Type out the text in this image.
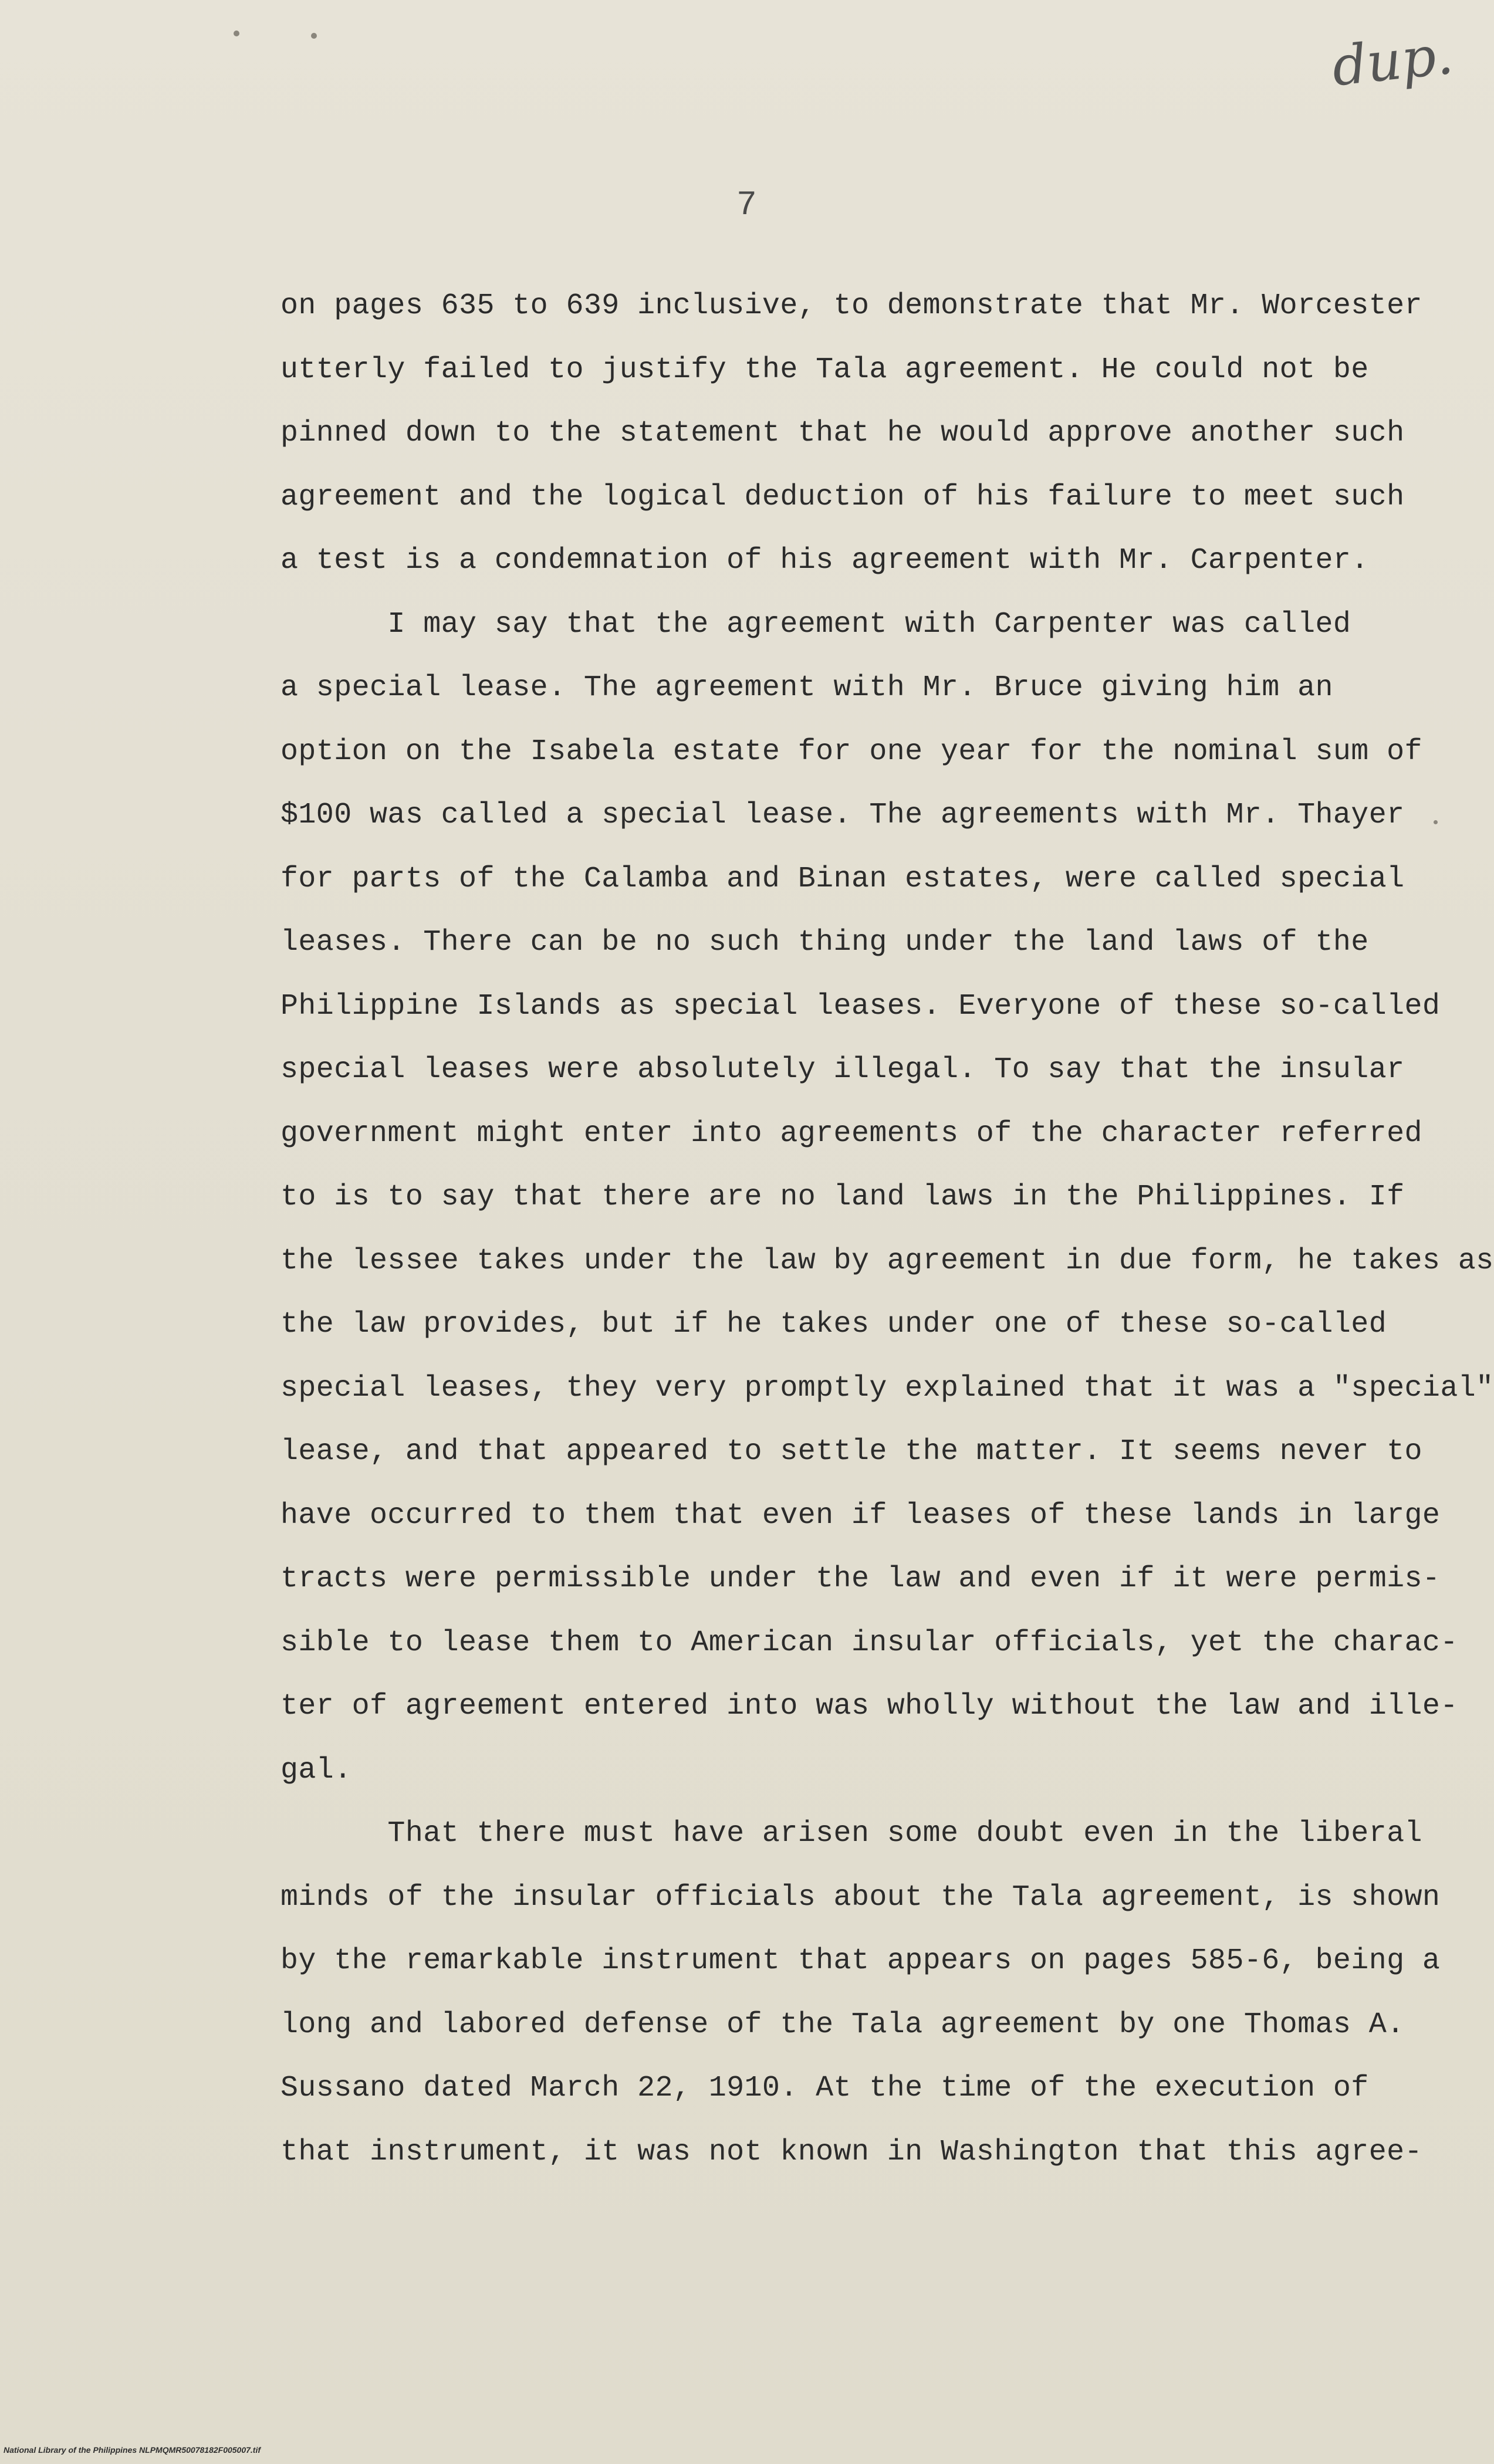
dup.
7
on pages 635 to 639 inclusive, to demonstrate that Mr. Worcester
utterly failed to justify the Tala agreement. He could not be
pinned down to the statement that he would approve another such
agreement and the logical deduction of his failure to meet such
a test is a condemnation of his agreement with Mr. Carpenter.
I may say that the agreement with Carpenter was called
a special lease. The agreement with Mr. Bruce giving him an
option on the Isabela estate for one year for the nominal sum of
$100 was called a special lease. The agreements with Mr. Thayer
for parts of the Calamba and Binan estates, were called special
leases. There can be no such thing under the land laws of the
Philippine Islands as special leases. Everyone of these so-called
special leases were absolutely illegal. To say that the insular
government might enter into agreements of the character referred
to is to say that there are no land laws in the Philippines. If
the lessee takes under the law by agreement in due form, he takes as
the law provides, but if he takes under one of these so-called
special leases, they very promptly explained that it was a "special"
lease, and that appeared to settle the matter. It seems never to
have occurred to them that even if leases of these lands in large
tracts were permissible under the law and even if it were permis-
sible to lease them to American insular officials, yet the charac-
ter of agreement entered into was wholly without the law and ille-
gal.
That there must have arisen some doubt even in the liberal
minds of the insular officials about the Tala agreement, is shown
by the remarkable instrument that appears on pages 585-6, being a
long and labored defense of the Tala agreement by one Thomas A.
Sussano dated March 22, 1910. At the time of the execution of
that instrument, it was not known in Washington that this agree-
National Library of the Philippines NLPMQMR50078182F005007.tif
